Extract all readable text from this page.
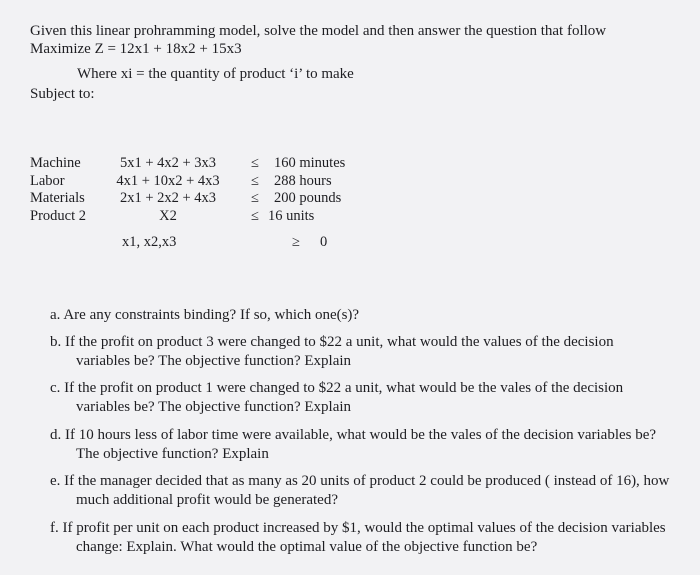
Given this linear prohramming model, solve the model and then answer the question that follow
Maximize Z = 12x1 + 18x2 + 15x3
Where xi = the quantity of product ‘i’ to make
Subject to:
Machine	5x1 + 4x2 + 3x3	≤ 160 minutes
Labor	4x1 + 10x2 + 4x3	≤ 288 hours
Materials	2x1 + 2x2 + 4x3	≤ 200 pounds
Product 2	X2	≤ 16 units
x1, x2,x3	≥ 0
a. Are any constraints binding? If so, which one(s)?
b. If the profit on product 3 were changed to $22 a unit, what would the values of the decision variables be? The objective function? Explain
c. If the profit on product 1 were changed to $22 a unit, what would be the vales of the decision variables be? The objective function? Explain
d. If 10 hours less of labor time were available, what would be the vales of the decision variables be? The objective function? Explain
e. If the manager decided that as many as 20 units of product 2 could be produced ( instead of 16), how much additional profit would be generated?
f. If profit per unit on each product increased by $1, would the optimal values of the decision variables change: Explain. What would the optimal value of the objective function be?
